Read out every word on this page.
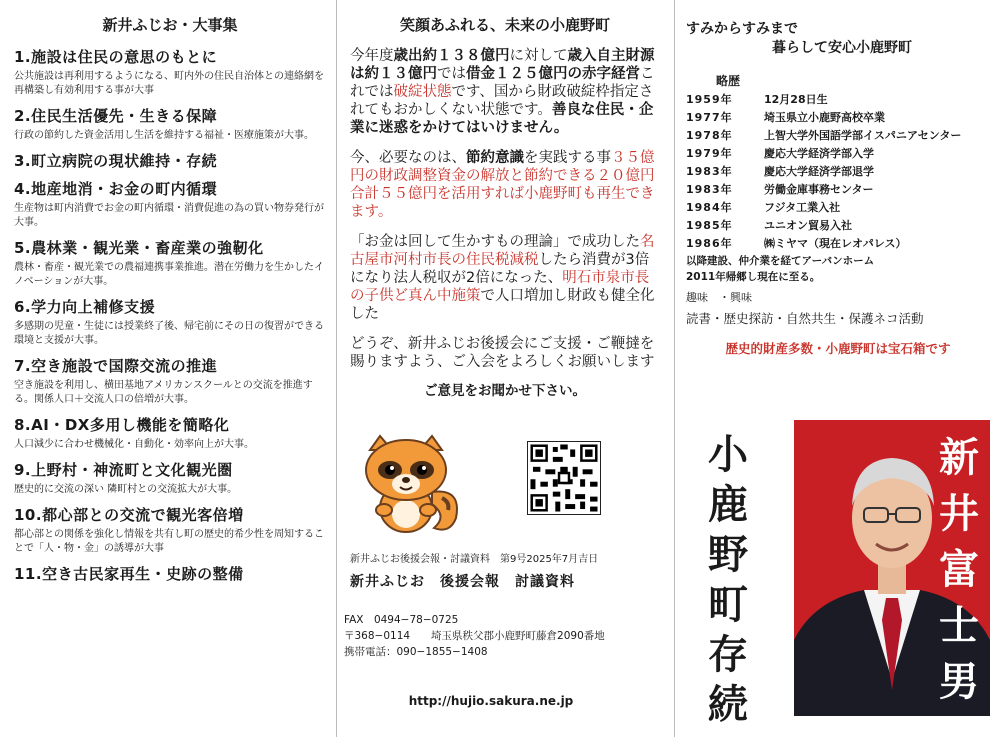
新井ふじお・大事集
1.施設は住民の意思のもとに
公共施設は再利用するようになる、町内外の住民自治体との連絡網を再構築し有効利用する事が大事
2.住民生活優先・生きる保障
行政の節約した資金活用し生活を維持する福祉・医療施策が大事。
3.町立病院の現状維持・存続
4.地産地消・お金の町内循環
生産物は町内消費でお金の町内循環・消費促進の為の買い物券発行が大事。
5.農林業・観光業・畜産業の強靭化
農林・畜産・観光業での農福連携事業推進。潜在労働力を生かしたイノベーションが大事。
6.学力向上補修支援
多感期の児童・生徒には授業終了後、帰宅前にその日の復習ができる環境と支援が大事。
7.空き施設で国際交流の推進
空き施設を利用し、横田基地アメリカンスクールとの交流を推進する。関係人口＋交流人口の倍増が大事。
8.AI・DX多用し機能を簡略化
人口減少に合わせ機械化・自動化・効率向上が大事。
9.上野村・神流町と文化観光圏
歴史的に交流の深い 隣町村との交流拡大が大事。
10.都心部との交流で観光客倍増
都心部との関係を強化し情報を共有し町の歴史的希少性を周知することで「人・物・金」の誘導が大事
11.空き古民家再生・史跡の整備
笑顔あふれる、未来の小鹿野町
今年度歳出約１３８億円に対して歳入自主財源は約１３億円では借金１２５億円の赤字経営これでは破綻状態です、国から財政破綻枠指定されてもおかしくない状態です。善良な住民・企業に迷惑をかけてはいけません。
今、必要なのは、節約意識を実践する事３５億円の財政調整資金の解放と節約できる２０億円合計５５億円を活用すれば小鹿野町も再生できます。
「お金は回して生かすもの理論」で成功した名古屋市河村市長の住民税減税したら消費が3倍になり法人税収が2倍になった、明石市泉市長の子供ど真ん中施策で人口増加し財政も健全化した
どうぞ、新井ふじお後援会にご支援・ご鞭撻を賜りますよう、ご入会をよろしくお願いします
ご意見をお聞かせ下さい。
新井ふじお後援会報・討議資料　第9号2025年7月吉日
新井ふじお　後援会報　討議資料
FAX　0494−78−0725
〒368−0114　　埼玉県秩父郡小鹿野町藤倉2090番地
携帯電話：090−1855−1408
http://hujio.sakura.ne.jp
すみからすみまで
暮らして安心小鹿野町
略歴
1959年	12月28日生
1977年	埼玉県立小鹿野高校卒業
1978年	上智大学外国語学部イスパニアセンター
1979年	慶応大学経済学部入学
1983年	慶応大学経済学部退学
1983年	労働金庫事務センター
1984年	フジタ工業入社
1985年	ユニオン貿易入社
1986年	㈱ミヤマ（現在レオパレス）
以降建設、仲介業を経てアーバンホーム
2011年帰郷し現在に至る。
趣味　・興味
読書・歴史探訪・自然共生・保護ネコ活動
歴史的財産多数・小鹿野町は宝石箱です
小鹿野町存続
新井富士男
